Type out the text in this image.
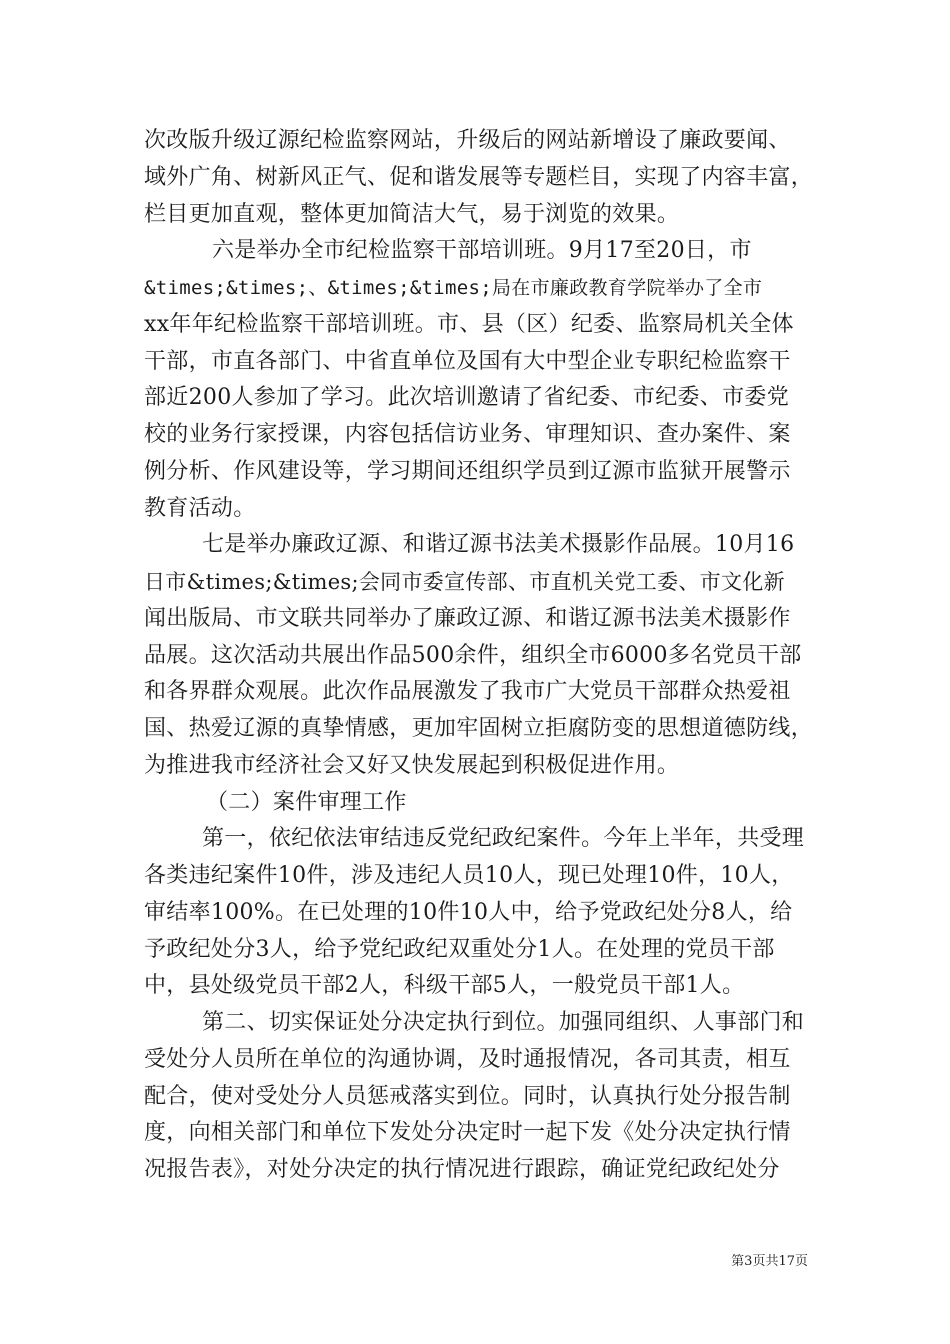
次改版升级辽源纪检监察网站，升级后的网站新增设了廉政要闻、
域外广角、树新风正气、促和谐发展等专题栏目，实现了内容丰富，
栏目更加直观，整体更加简洁大气，易于浏览的效果。
六是举办全市纪检监察干部培训班。9月17至20日，市
&times;&times;、&times;&times;局在市廉政教育学院举办了全市
xx年年纪检监察干部培训班。市、县（区）纪委、监察局机关全体
干部，市直各部门、中省直单位及国有大中型企业专职纪检监察干
部近200人参加了学习。此次培训邀请了省纪委、市纪委、市委党
校的业务行家授课，内容包括信访业务、审理知识、查办案件、案
例分析、作风建设等，学习期间还组织学员到辽源市监狱开展警示
教育活动。
七是举办廉政辽源、和谐辽源书法美术摄影作品展。10月16
日市&times;&times;会同市委宣传部、市直机关党工委、市文化新
闻出版局、市文联共同举办了廉政辽源、和谐辽源书法美术摄影作
品展。这次活动共展出作品500余件，组织全市6000多名党员干部
和各界群众观展。此次作品展激发了我市广大党员干部群众热爱祖
国、热爱辽源的真挚情感，更加牢固树立拒腐防变的思想道德防线，
为推进我市经济社会又好又快发展起到积极促进作用。
（二）案件审理工作
第一，依纪依法审结违反党纪政纪案件。今年上半年，共受理
各类违纪案件10件，涉及违纪人员10人，现已处理10件，10人，
审结率100%。在已处理的10件10人中，给予党政纪处分8人，给
予政纪处分3人，给予党纪政纪双重处分1人。在处理的党员干部
中，县处级党员干部2人，科级干部5人，一般党员干部1人。
第二、切实保证处分决定执行到位。加强同组织、人事部门和
受处分人员所在单位的沟通协调，及时通报情况，各司其责，相互
配合，使对受处分人员惩戒落实到位。同时，认真执行处分报告制
度，向相关部门和单位下发处分决定时一起下发《处分决定执行情
况报告表》，对处分决定的执行情况进行跟踪，确证党纪政纪处分
第3页共17页
